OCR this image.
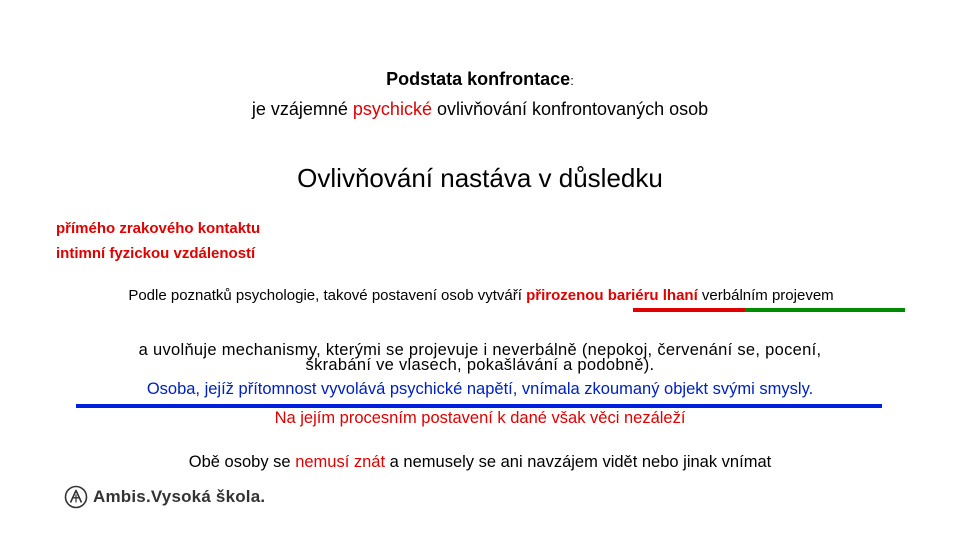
Podstata konfrontace:
je vzájemné psychické ovlivňování konfrontovaných osob
Ovlivňování nastáva v důsledku
přímého zrakového kontaktu
intimní fyzickou vzdáleností
Podle poznatků psychologie, takové postavení osob vytváří přirozenou bariéru lhaní verbálním projevem
a uvolňuje mechanismy, kterými se projevuje i neverbálně (nepokoj, červenání se, pocení,
škrabání ve vlasech, pokašlávání a podobně).
Osoba, jejíž přítomnost vyvolává psychické napětí, vnímala zkoumaný objekt svými smysly.
Na jejím procesním postavení k dané však věci nezáleží
Obě osoby se nemusí znát a nemusely se ani navzájem vidět nebo jinak vnímat
Ambis.Vysoká škola.
